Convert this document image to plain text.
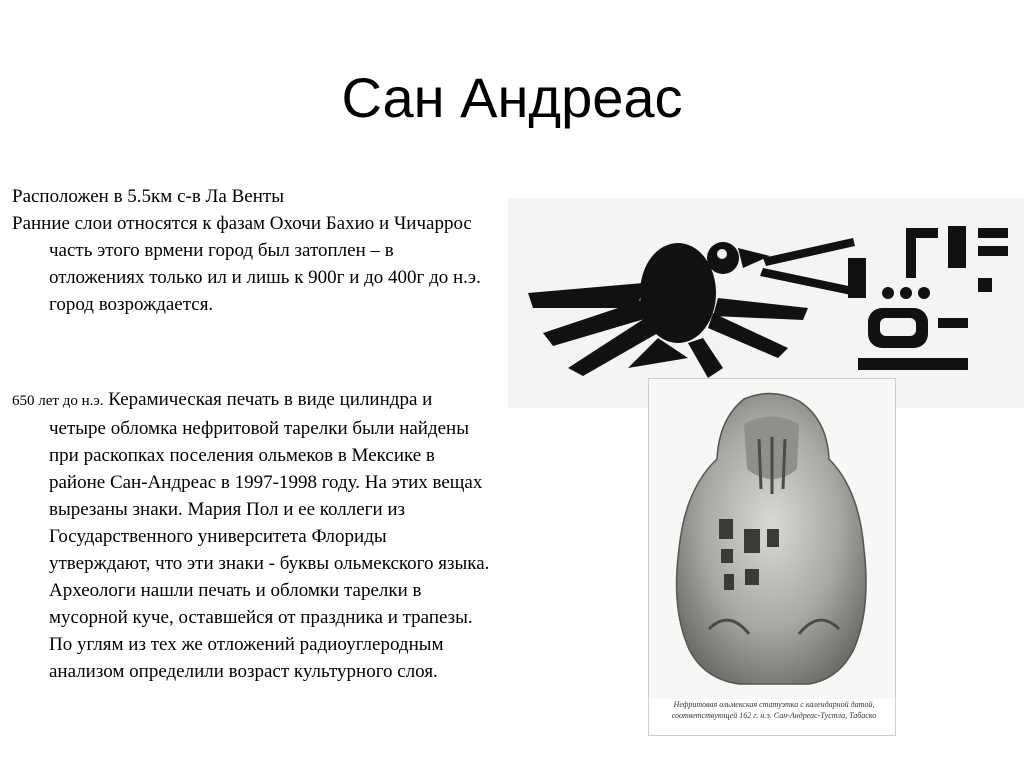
Сан Андреас

Расположен в 5.5км с-в Ла Венты

Ранние слои относятся к фазам Охочи Бахио и Чичаррос часть этого врмени город был затоплен – в отложениях только ил и лишь к 900г и до 400г до н.э. город возрождается.

650 лет до н.э. Керамическая печать в виде цилиндра и четыре обломка нефритовой тарелки были найдены при раскопках поселения ольмеков в Мексике в районе Сан-Андреас в 1997-1998 году. На этих вещах вырезаны знаки. Мария Пол и ее коллеги из Государственного университета Флориды утверждают, что эти знаки - буквы ольмекского языка. Археологи нашли печать и обломки тарелки в мусорной куче, оставшейся от праздника и трапезы. По углям из тех же отложений радиоуглеродным анализом определили возраст культурного слоя.

Нефритовая ольмекская статуэтка с календарной датой, соответствующей 162 г. н.э. Сан-Андреас-Тустла, Табаско
